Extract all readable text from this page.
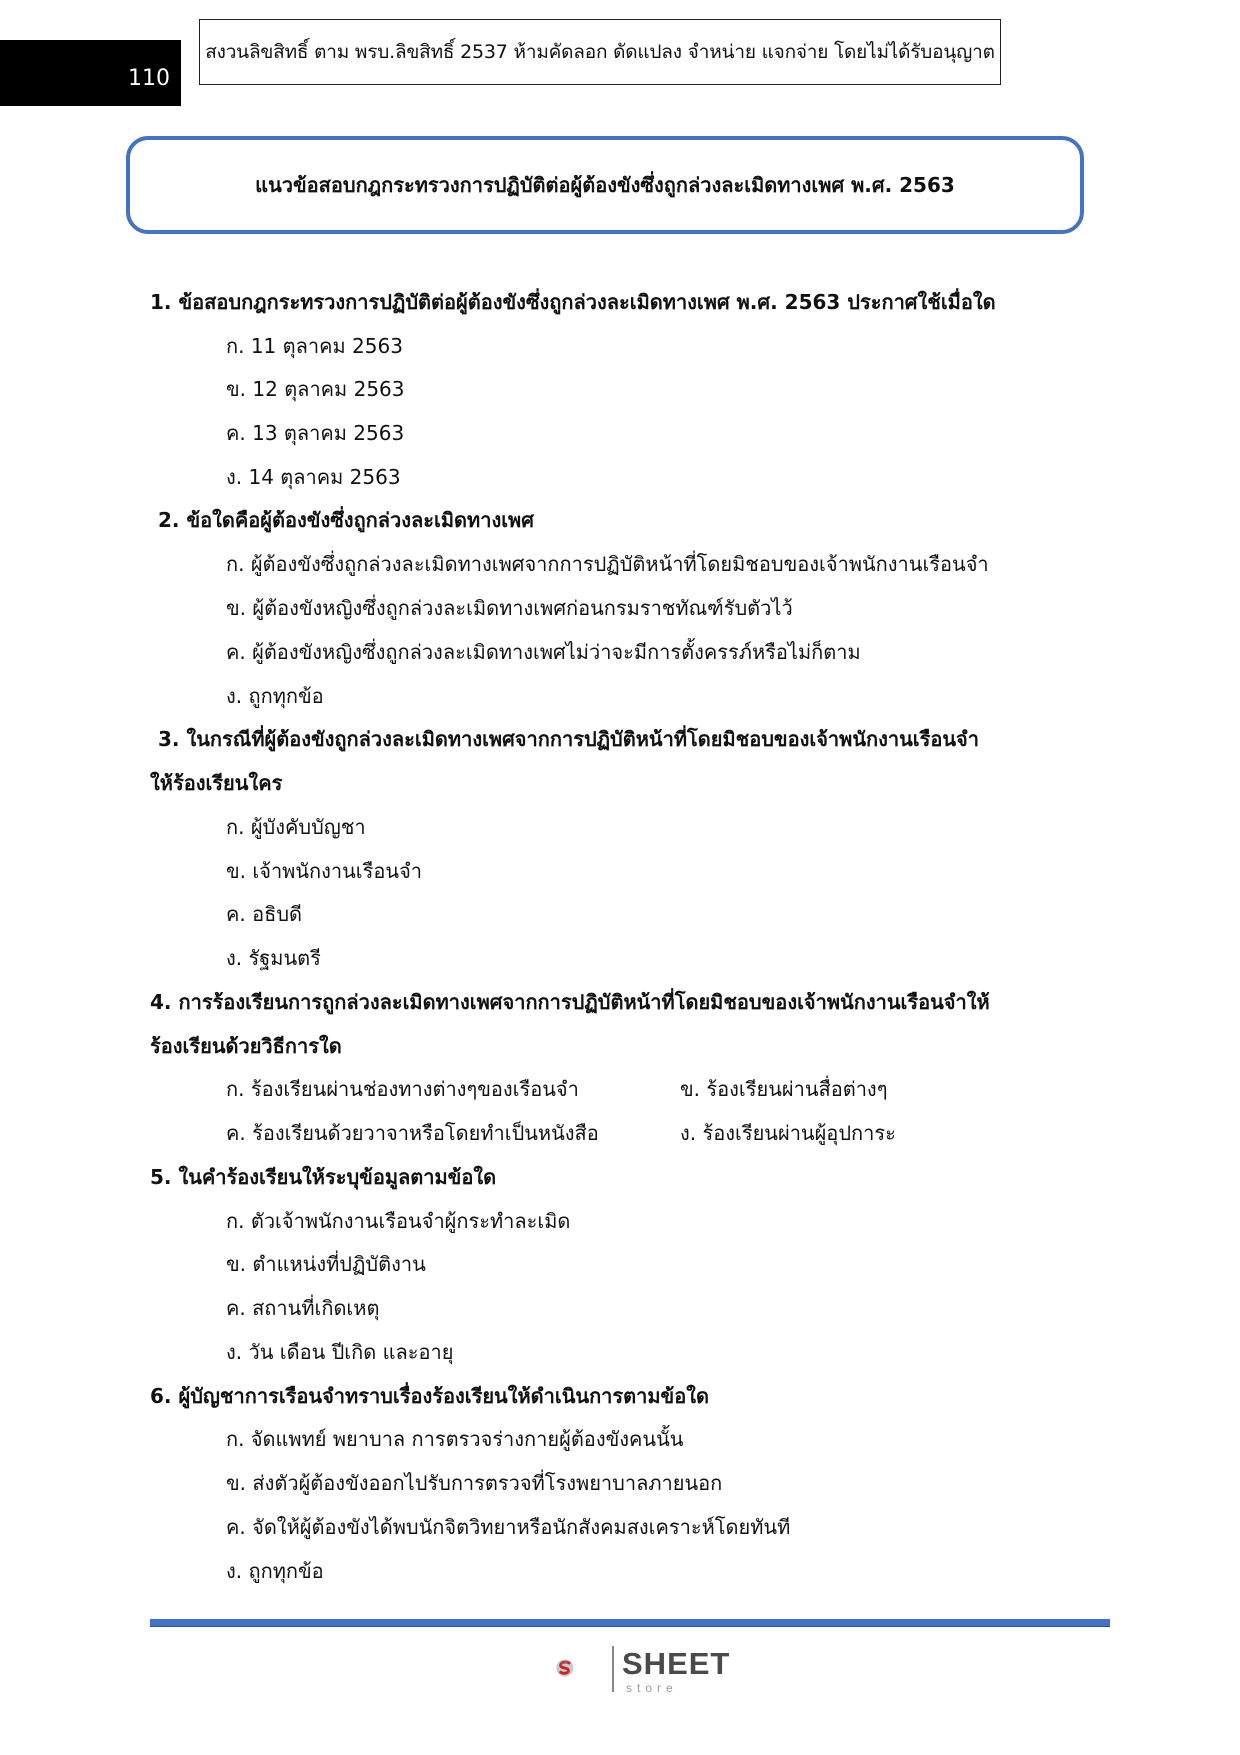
110
สงวนลิขสิทธิ์ ตาม พรบ.ลิขสิทธิ์ 2537 ห้ามคัดลอก ดัดแปลง จำหน่าย แจกจ่าย โดยไม่ได้รับอนุญาต
แนวข้อสอบกฎกระทรวงการปฏิบัติต่อผู้ต้องขังซึ่งถูกล่วงละเมิดทางเพศ พ.ศ. 2563
1. ข้อสอบกฎกระทรวงการปฏิบัติต่อผู้ต้องขังซึ่งถูกล่วงละเมิดทางเพศ พ.ศ. 2563 ประกาศใช้เมื่อใด
ก. 11 ตุลาคม 2563
ข. 12 ตุลาคม 2563
ค. 13 ตุลาคม 2563
ง. 14 ตุลาคม 2563
2. ข้อใดคือผู้ต้องขังซึ่งถูกล่วงละเมิดทางเพศ
ก. ผู้ต้องขังซึ่งถูกล่วงละเมิดทางเพศจากการปฏิบัติหน้าที่โดยมิชอบของเจ้าพนักงานเรือนจำ
ข. ผู้ต้องขังหญิงซึ่งถูกล่วงละเมิดทางเพศก่อนกรมราชทัณฑ์รับตัวไว้
ค. ผู้ต้องขังหญิงซึ่งถูกล่วงละเมิดทางเพศไม่ว่าจะมีการตั้งครรภ์หรือไม่ก็ตาม
ง. ถูกทุกข้อ
3. ในกรณีที่ผู้ต้องขังถูกล่วงละเมิดทางเพศจากการปฏิบัติหน้าที่โดยมิชอบของเจ้าพนักงานเรือนจำ
ให้ร้องเรียนใคร
ก. ผู้บังคับบัญชา
ข. เจ้าพนักงานเรือนจำ
ค. อธิบดี
ง. รัฐมนตรี
4. การร้องเรียนการถูกล่วงละเมิดทางเพศจากการปฏิบัติหน้าที่โดยมิชอบของเจ้าพนักงานเรือนจำให้
ร้องเรียนด้วยวิธีการใด
ก. ร้องเรียนผ่านช่องทางต่างๆของเรือนจำ	ข. ร้องเรียนผ่านสื่อต่างๆ
ค. ร้องเรียนด้วยวาจาหรือโดยทำเป็นหนังสือ	ง. ร้องเรียนผ่านผู้อุปการะ
5. ในคำร้องเรียนให้ระบุข้อมูลตามข้อใด
ก. ตัวเจ้าพนักงานเรือนจำผู้กระทำละเมิด
ข. ตำแหน่งที่ปฏิบัติงาน
ค. สถานที่เกิดเหตุ
ง. วัน เดือน ปีเกิด และอายุ
6. ผู้บัญชาการเรือนจำทราบเรื่องร้องเรียนให้ดำเนินการตามข้อใด
ก. จัดแพทย์ พยาบาล การตรวจร่างกายผู้ต้องขังคนนั้น
ข. ส่งตัวผู้ต้องขังออกไปรับการตรวจที่โรงพยาบาลภายนอก
ค. จัดให้ผู้ต้องขังได้พบนักจิตวิทยาหรือนักสังคมสงเคราะห์โดยทันที
ง. ถูกทุกข้อ
SHEET
store
